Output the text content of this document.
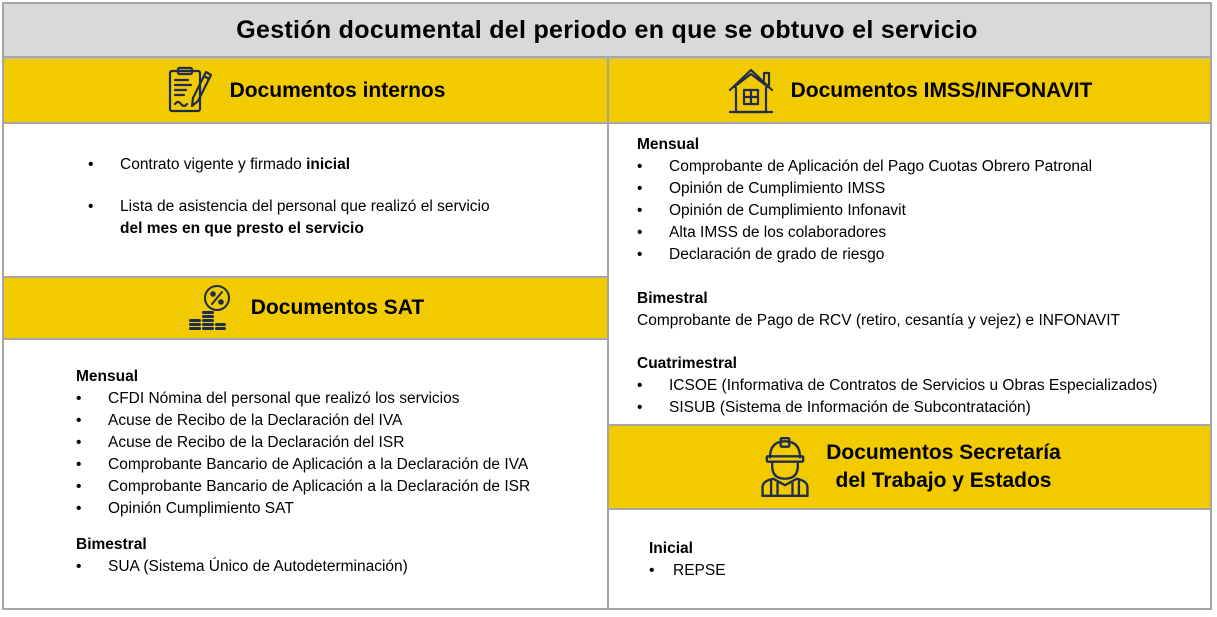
Gestión documental del periodo en que se obtuvo el servicio
Documentos internos
• Contrato vigente y firmado inicial
• Lista de asistencia del personal que realizó el servicio del mes en que presto el servicio
Documentos SAT
Mensual
• CFDI Nómina del personal que realizó los servicios
• Acuse de Recibo de la Declaración del IVA
• Acuse de Recibo de la Declaración del ISR
• Comprobante Bancario de Aplicación a la Declaración de IVA
• Comprobante Bancario de Aplicación a la Declaración de ISR
• Opinión Cumplimiento SAT
Bimestral
• SUA (Sistema Único de Autodeterminación)
Documentos IMSS/INFONAVIT
Mensual
• Comprobante de Aplicación del Pago Cuotas Obrero Patronal
• Opinión de Cumplimiento IMSS
• Opinión de Cumplimiento Infonavit
• Alta IMSS de los colaboradores
• Declaración de grado de riesgo
Bimestral
Comprobante de Pago de RCV (retiro, cesantía y vejez) e INFONAVIT
Cuatrimestral
• ICSOE (Informativa de Contratos de Servicios u Obras Especializados)
• SISUB (Sistema de Información de Subcontratación)
Documentos Secretaría
del Trabajo y Estados
Inicial
• REPSE
